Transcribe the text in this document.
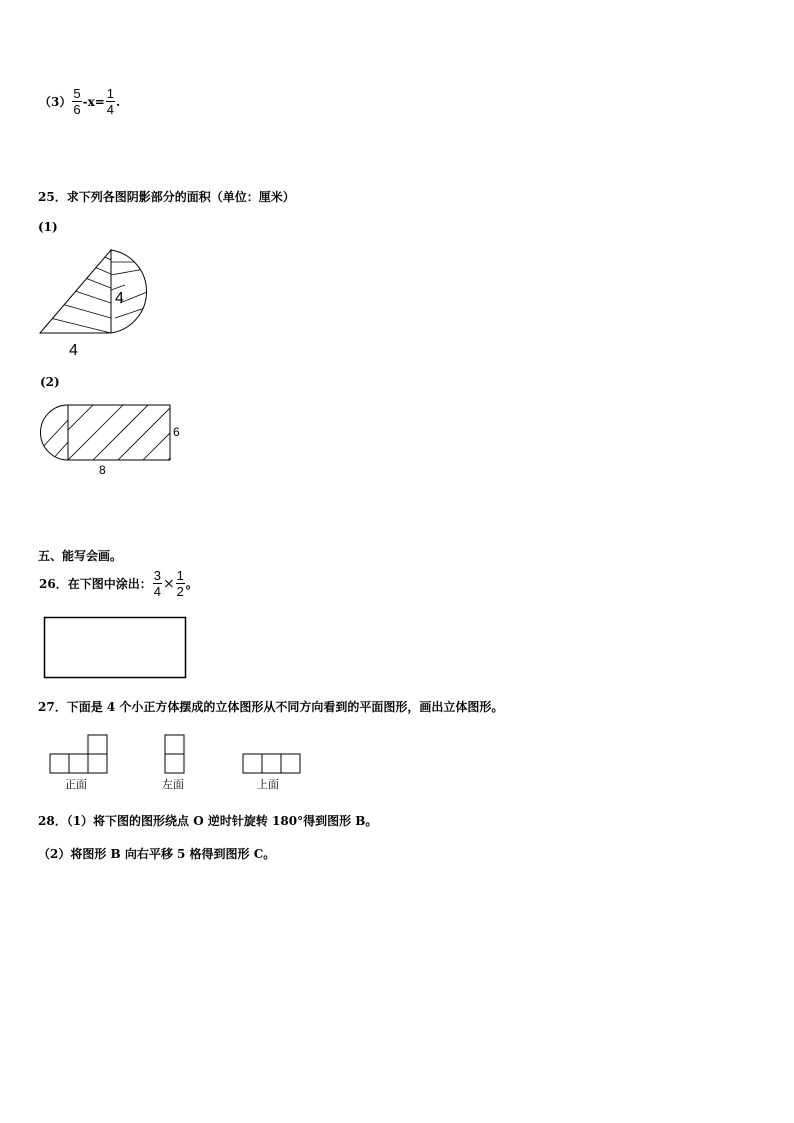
$(3) \frac{5}{6} -x= \frac{1}{4}$ .
25．求下列各图阴影部分的面积（单位：厘米）
(1)
4
4
6
8
(2)
五、能写会画。
26．在下图中涂出： $\frac{3}{4} \times \frac{1}{2}$ 。
27．下面是 4 个小正方体摆成的立体图形从不同方向看到的平面图形，画出立体图形。
正面	左面	上面
28．（1）将下图的图形绕点 O 逆时针旋转 180°得到图形 B。
（2）将图形 B 向右平移 5 格得到图形 C。
